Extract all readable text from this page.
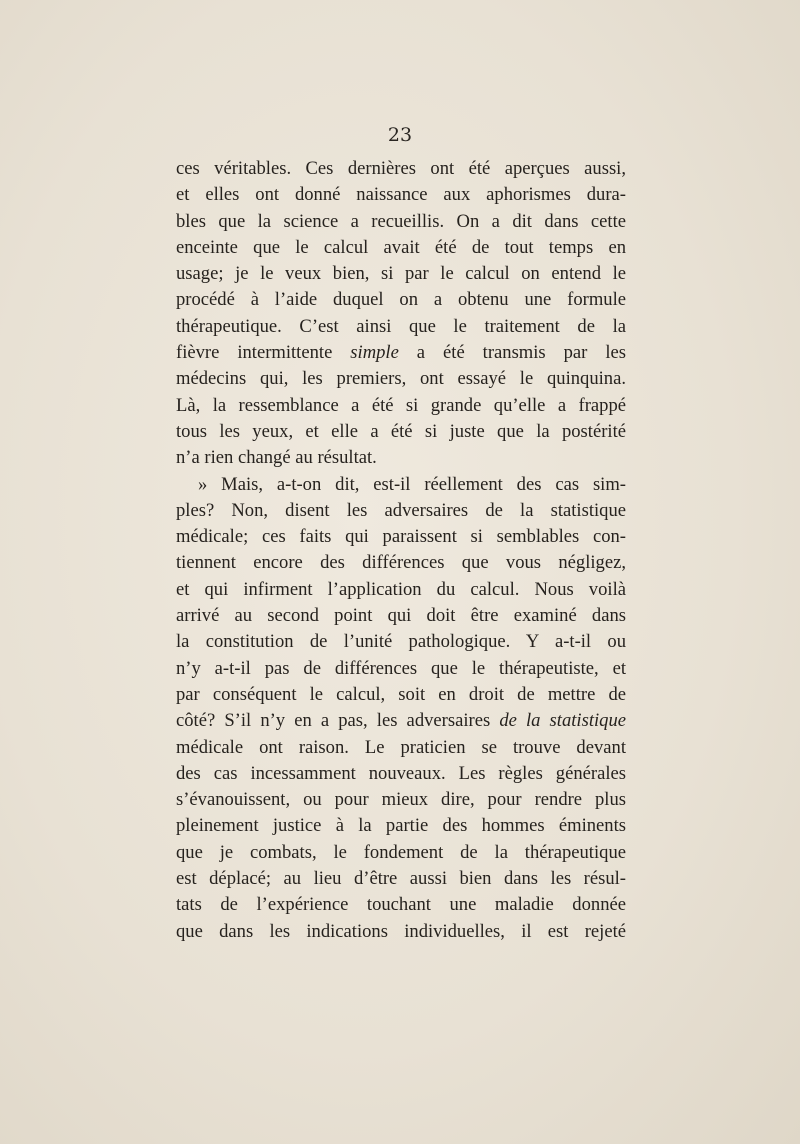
23
ces véritables. Ces dernières ont été aperçues aussi,
et elles ont donné naissance aux aphorismes dura-
bles que la science a recueillis. On a dit dans cette
enceinte que le calcul avait été de tout temps en
usage; je le veux bien, si par le calcul on entend le
procédé à l’aide duquel on a obtenu une formule
thérapeutique. C’est ainsi que le traitement de la
fièvre intermittente simple a été transmis par les
médecins qui, les premiers, ont essayé le quinquina.
Là, la ressemblance a été si grande qu’elle a frappé
tous les yeux, et elle a été si juste que la postérité
n’a rien changé au résultat.
» Mais, a-t-on dit, est-il réellement des cas sim-
ples? Non, disent les adversaires de la statistique
médicale; ces faits qui paraissent si semblables con-
tiennent encore des différences que vous négligez,
et qui infirment l’application du calcul. Nous voilà
arrivé au second point qui doit être examiné dans
la constitution de l’unité pathologique. Y a-t-il ou
n’y a-t-il pas de différences que le thérapeutiste, et
par conséquent le calcul, soit en droit de mettre de
côté? S’il n’y en a pas, les adversaires de la statistique
médicale ont raison. Le praticien se trouve devant
des cas incessamment nouveaux. Les règles générales
s’évanouissent, ou pour mieux dire, pour rendre plus
pleinement justice à la partie des hommes éminents
que je combats, le fondement de la thérapeutique
est déplacé; au lieu d’être aussi bien dans les résul-
tats de l’expérience touchant une maladie donnée
que dans les indications individuelles, il est rejeté
